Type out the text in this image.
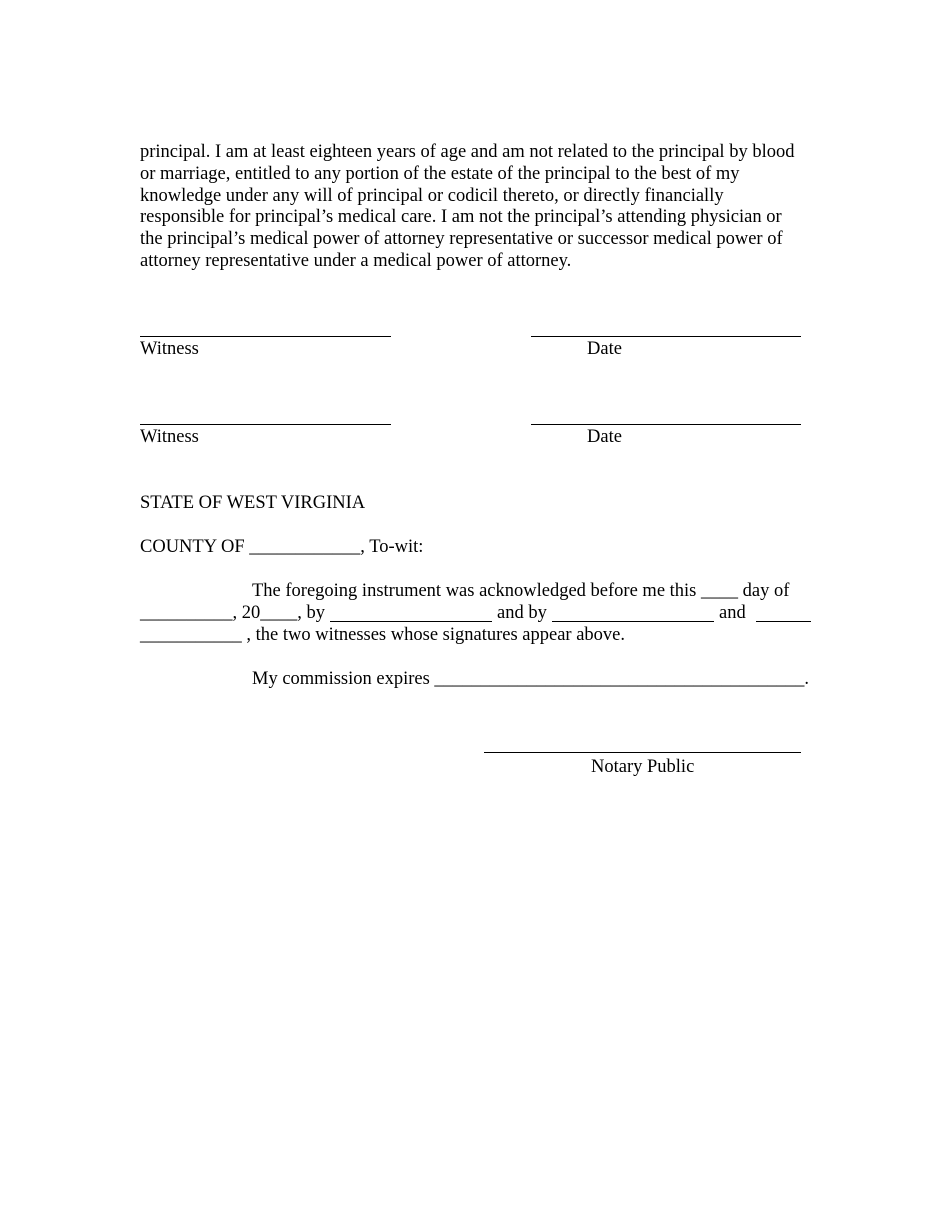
principal. I am at least eighteen years of age and am not related to the principal by blood
or marriage, entitled to any portion of the estate of the principal to the best of my
knowledge under any will of principal or codicil thereto, or directly financially
responsible for principal’s medical care. I am not the principal’s attending physician or
the principal’s medical power of attorney representative or successor medical power of
attorney representative under a medical power of attorney.
Witness	Date
Witness	Date
STATE OF WEST VIRGINIA
COUNTY OF ____________, To-wit:
The foregoing instrument was acknowledged before me this ____ day of
__________, 20____, by	and by	and
___________ , the two witnesses whose signatures appear above.
My commission expires ________________________________________.
Notary Public
